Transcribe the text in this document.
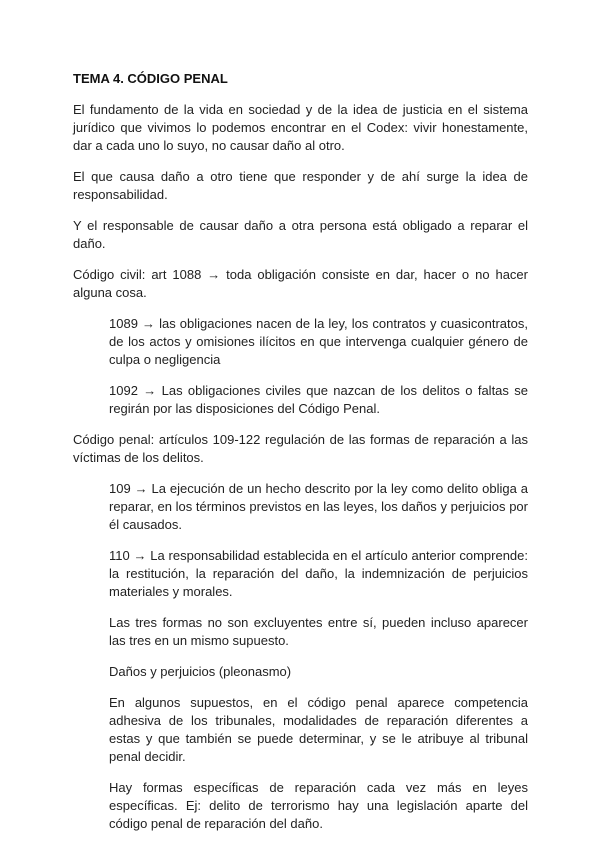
TEMA 4. CÓDIGO PENAL

El fundamento de la vida en sociedad y de la idea de justicia en el sistema jurídico que vivimos lo podemos encontrar en el Codex: vivir honestamente, dar a cada uno lo suyo, no causar daño al otro.

El que causa daño a otro tiene que responder y de ahí surge la idea de responsabilidad.

Y el responsable de causar daño a otra persona está obligado a reparar el daño.

Código civil: art 1088 → toda obligación consiste en dar, hacer o no hacer alguna cosa.

1089 → las obligaciones nacen de la ley, los contratos y cuasicontratos, de los actos y omisiones ilícitos en que intervenga cualquier género de culpa o negligencia

1092 → Las obligaciones civiles que nazcan de los delitos o faltas se regirán por las disposiciones del Código Penal.

Código penal: artículos 109-122 regulación de las formas de reparación a las víctimas de los delitos.

109 → La ejecución de un hecho descrito por la ley como delito obliga a reparar, en los términos previstos en las leyes, los daños y perjuicios por él causados.

110 → La responsabilidad establecida en el artículo anterior comprende: la restitución, la reparación del daño, la indemnización de perjuicios materiales y morales.

Las tres formas no son excluyentes entre sí, pueden incluso aparecer las tres en un mismo supuesto.

Daños y perjuicios (pleonasmo)

En algunos supuestos, en el código penal aparece competencia adhesiva de los tribunales, modalidades de reparación diferentes a estas y que también se puede determinar, y se le atribuye al tribunal penal decidir.

Hay formas específicas de reparación cada vez más en leyes específicas. Ej: delito de terrorismo hay una legislación aparte del código penal de reparación del daño.
